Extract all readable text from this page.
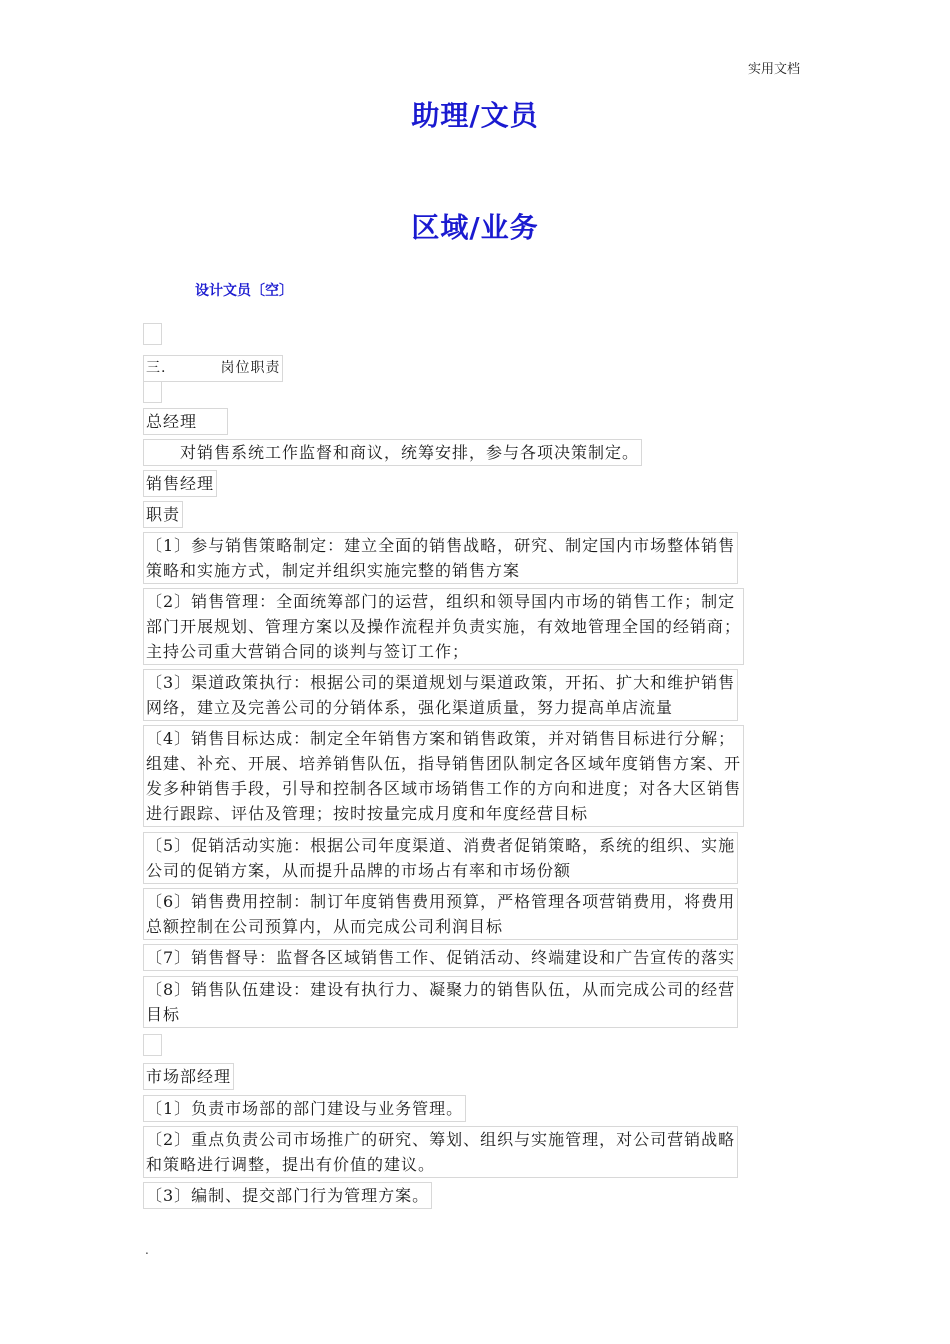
实用文档
助理/文员
区域/业务
设计文员〔空〕
三.	岗位职责
总经理
对销售系统工作监督和商议，统筹安排，参与各项决策制定。
销售经理
职责
〔1〕参与销售策略制定：建立全面的销售战略，研究、制定国内市场整体销售
策略和实施方式，制定并组织实施完整的销售方案
〔2〕销售管理：全面统筹部门的运营，组织和领导国内市场的销售工作；制定
部门开展规划、管理方案以及操作流程并负责实施，有效地管理全国的经销商；
主持公司重大营销合同的谈判与签订工作；
〔3〕渠道政策执行：根据公司的渠道规划与渠道政策，开拓、扩大和维护销售
网络，建立及完善公司的分销体系，强化渠道质量，努力提高单店流量
〔4〕销售目标达成：制定全年销售方案和销售政策，并对销售目标进行分解；
组建、补充、开展、培养销售队伍，指导销售团队制定各区域年度销售方案、开
发多种销售手段，引导和控制各区域市场销售工作的方向和进度；对各大区销售
进行跟踪、评估及管理；按时按量完成月度和年度经营目标
〔5〕促销活动实施：根据公司年度渠道、消费者促销策略，系统的组织、实施
公司的促销方案，从而提升品牌的市场占有率和市场份额
〔6〕销售费用控制：制订年度销售费用预算，严格管理各项营销费用，将费用
总额控制在公司预算内，从而完成公司利润目标
〔7〕销售督导：监督各区域销售工作、促销活动、终端建设和广告宣传的落实
〔8〕销售队伍建设：建设有执行力、凝聚力的销售队伍，从而完成公司的经营
目标
市场部经理
〔1〕负责市场部的部门建设与业务管理。
〔2〕重点负责公司市场推广的研究、筹划、组织与实施管理，对公司营销战略
和策略进行调整，提出有价值的建议。
〔3〕编制、提交部门行为管理方案。
.
